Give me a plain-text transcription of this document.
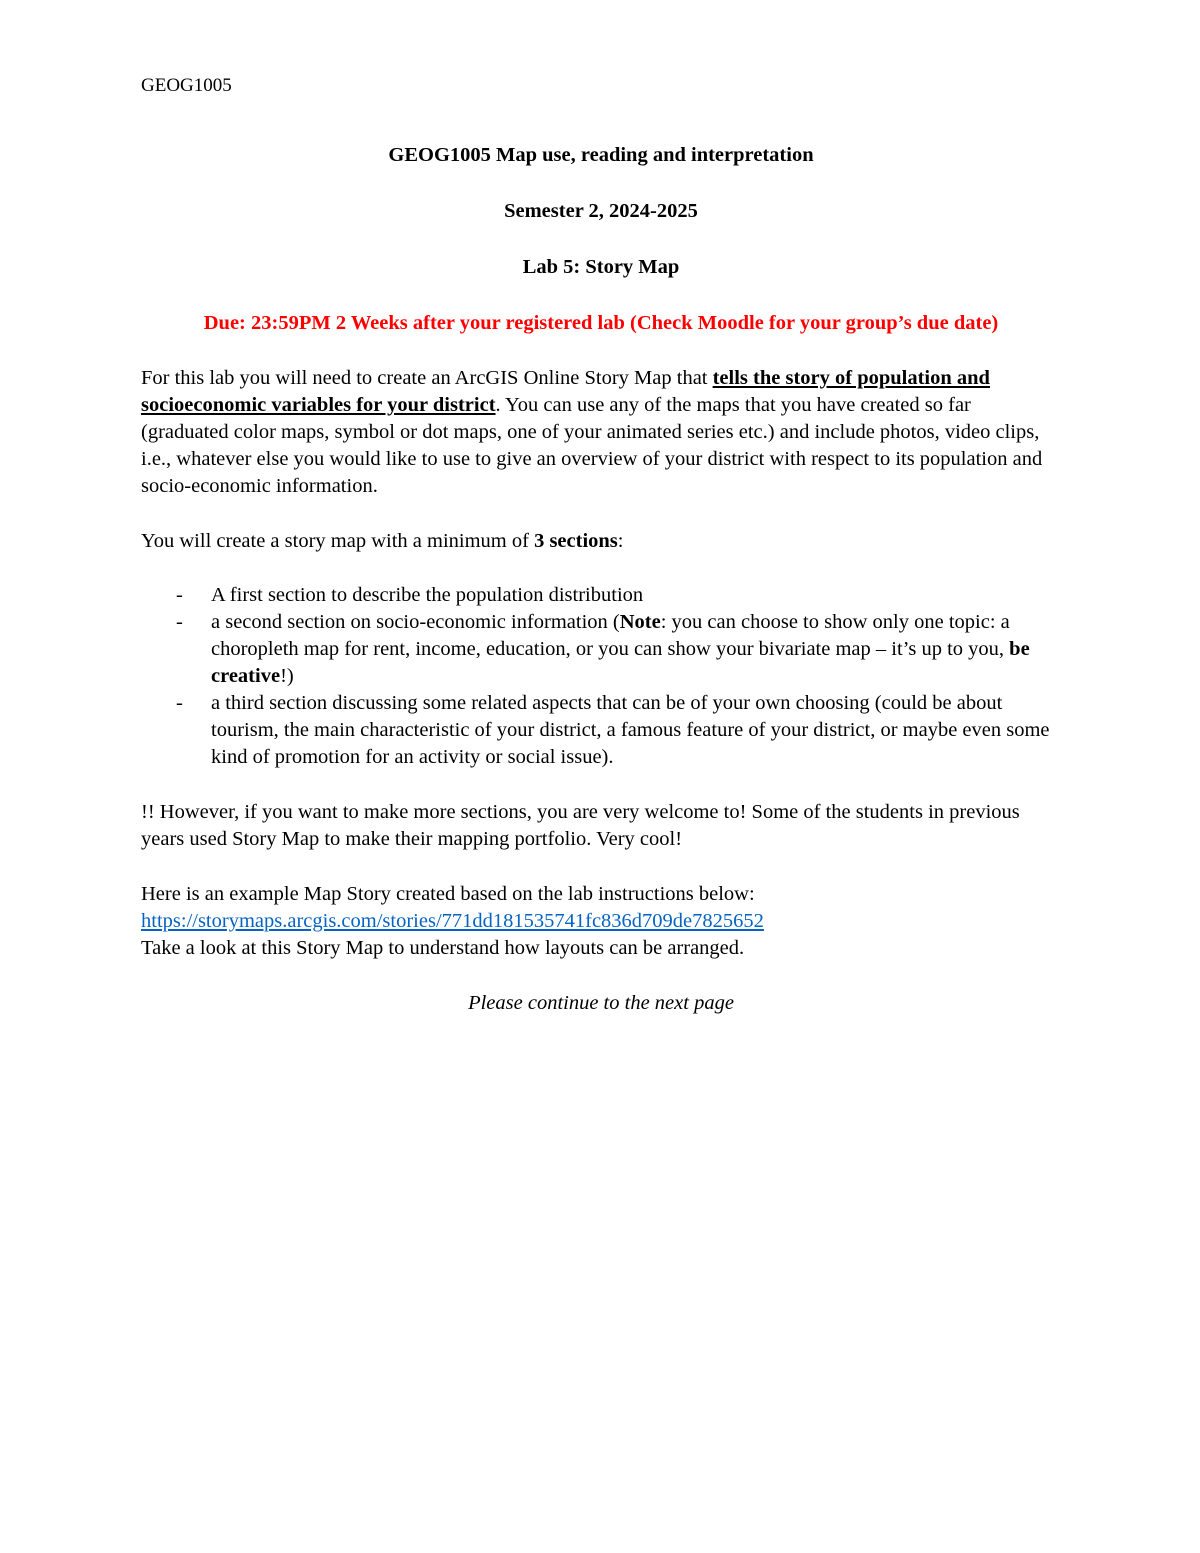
GEOG1005
GEOG1005 Map use, reading and interpretation
Semester 2, 2024-2025
Lab 5: Story Map
Due: 23:59PM 2 Weeks after your registered lab (Check Moodle for your group’s due date)

For this lab you will need to create an ArcGIS Online Story Map that tells the story of population and socioeconomic variables for your district. You can use any of the maps that you have created so far (graduated color maps, symbol or dot maps, one of your animated series etc.) and include photos, video clips, i.e., whatever else you would like to use to give an overview of your district with respect to its population and socio-economic information.

You will create a story map with a minimum of 3 sections:

- A first section to describe the population distribution
- a second section on socio-economic information (Note: you can choose to show only one topic: a choropleth map for rent, income, education, or you can show your bivariate map – it’s up to you, be creative!)
- a third section discussing some related aspects that can be of your own choosing (could be about tourism, the main characteristic of your district, a famous feature of your district, or maybe even some kind of promotion for an activity or social issue).

!! However, if you want to make more sections, you are very welcome to! Some of the students in previous years used Story Map to make their mapping portfolio. Very cool!

Here is an example Map Story created based on the lab instructions below:
https://storymaps.arcgis.com/stories/771dd181535741fc836d709de7825652
Take a look at this Story Map to understand how layouts can be arranged.
Please continue to the next page
